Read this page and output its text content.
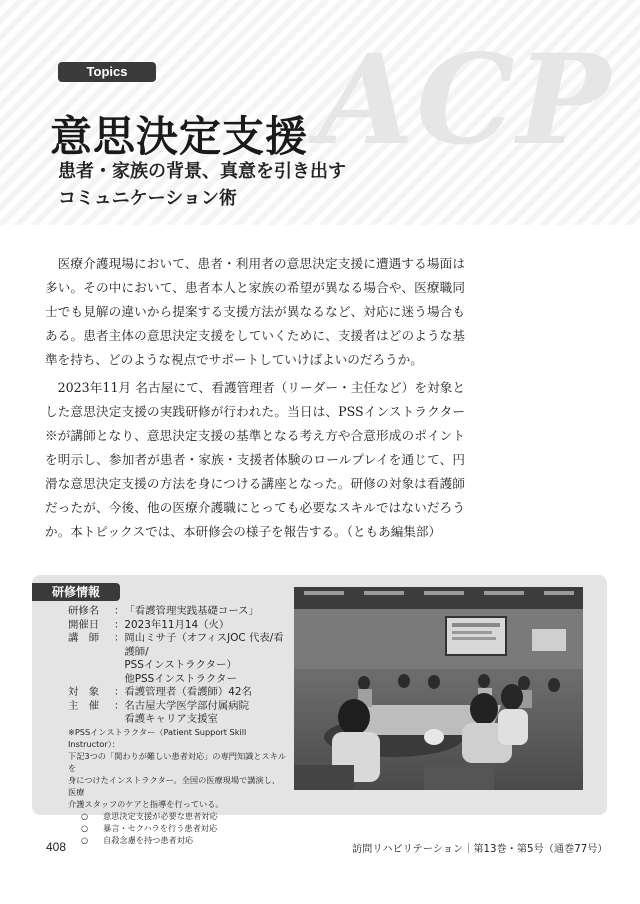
ACP
Topics
意思決定支援
患者・家族の背景、真意を引き出す
コミュニケーション術

医療介護現場において、患者・利用者の意思決定支援に遭遇する場面は多い。その中において、患者本人と家族の希望が異なる場合や、医療職同士でも見解の違いから提案する支援方法が異なるなど、対応に迷う場合もある。患者主体の意思決定支援をしていくために、支援者はどのような基準を持ち、どのような視点でサポートしていけばよいのだろうか。

2023年11月 名古屋にて、看護管理者（リーダー・主任など）を対象とした意思決定支援の実践研修が行われた。当日は、PSSインストラクター※が講師となり、意思決定支援の基準となる考え方や合意形成のポイントを明示し、参加者が患者・家族・支援者体験のロールプレイを通じて、円滑な意思決定支援の方法を身につける講座となった。研修の対象は看護師だったが、今後、他の医療介護職にとっても必要なスキルではないだろうか。本トピックスでは、本研修会の様子を報告する。（ともあ編集部）

研修情報
研修名	： 「看護管理実践基礎コース」
開催日	： 2023年11月14（火）
講　師	： 岡山ミサ子（オフィスJOC 代表/看護師/
PSSインストラクター）
他PSSインストラクター
対　象	： 看護管理者（看護師）42名
主　催	： 名古屋大学医学部付属病院
看護キャリア支援室
※PSSインストラクター（Patient Support Skill Instructor）：
下記3つの「関わりが難しい患者対応」の専門知識とスキルを
身につけたインストラクター。全国の医療現場で講演し、医療
介護スタッフのケアと指導を行っている。
○ 意思決定支援が必要な患者対応
○ 暴言・セクハラを行う患者対応
○ 自殺念慮を持つ患者対応
408	訪問リハビリテーション｜第13巻・第5号（通巻77号）
